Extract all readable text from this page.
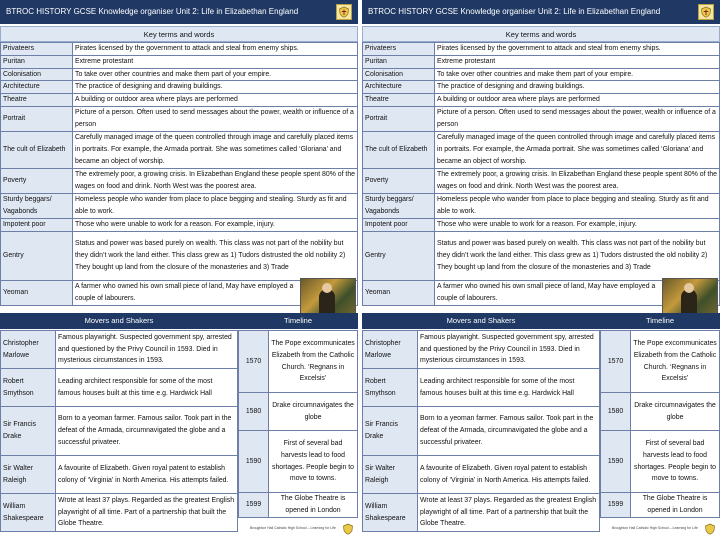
BTROC HISTORY GCSE Knowledge organiser Unit 2: Life in Elizabethan England
Key terms and words
Privateers	Pirates licensed by the government to attack and steal from enemy ships.
Puritan	Extreme protestant
Colonisation	To take over other countries and make them part of your empire.
Architecture	The practice of designing and drawing buildings.
Theatre	A building or outdoor area where plays are performed
Portrait	Picture of a person. Often used to send messages about the power, wealth or influence of a person
The cult of Elizabeth	Carefully managed image of the queen controlled through image and carefully placed items in portraits. For example, the Armada portrait. She was sometimes called ‘Gloriana’ and became an object of worship.
Poverty	The extremely poor, a growing crisis. In Elizabethan England these people spent 80% of the wages on food and drink. North West was the poorest area.
Sturdy beggars/ Vagabonds	Homeless people who wander from place to place begging and stealing. Sturdy as fit and able to work.
Impotent poor	Those who were unable to work for a reason. For example, injury.
Gentry	Status and power was based purely on wealth. This class was not part of the nobility but they didn’t work the land either. This class grew as 1) Tudors distrusted the old nobility 2) They bought up land from the closure of the monasteries and 3) Trade
Yeoman	A farmer who owned his own small piece of land, May have employed a couple of labourers.
Movers and Shakers	Timeline
Christopher Marlowe	Famous playwright. Suspected government spy, arrested and questioned by the Privy Council in 1593. Died in mysterious circumstances in 1593.
Robert Smythson	Leading architect responsible for some of the most famous houses built at this time e.g. Hardwick Hall
Sir Francis Drake	Born to a yeoman farmer. Famous sailor. Took part in the defeat of the Armada, circumnavigated the globe and a successful privateer.
Sir Walter Raleigh	A favourite of Elizabeth. Given royal patent to establish colony of ‘Virginia’ in North America. His attempts failed.
William Shakespeare	Wrote at least 37 plays. Regarded as the greatest English playwright of all time. Part of a partnership that built the Globe Theatre.
1570	The Pope excommunicates Elizabeth from the Catholic Church. ‘Regnans in Excelsis’
1580	Drake circumnavigates the globe
1590	First of several bad harvests lead to food shortages. People begin to move to towns.
1599	The Globe Theatre is opened in London
Broughton Hall Catholic High School – Learning for Life
BTROC HISTORY GCSE Knowledge organiser Unit 2: Life in Elizabethan England
Key terms and words
Privateers	Pirates licensed by the government to attack and steal from enemy ships.
Puritan	Extreme protestant
Colonisation	To take over other countries and make them part of your empire.
Architecture	The practice of designing and drawing buildings.
Theatre	A building or outdoor area where plays are performed
Portrait	Picture of a person. Often used to send messages about the power, wealth or influence of a person
The cult of Elizabeth	Carefully managed image of the queen controlled through image and carefully placed items in portraits. For example, the Armada portrait. She was sometimes called ‘Gloriana’ and became an object of worship.
Poverty	The extremely poor, a growing crisis. In Elizabethan England these people spent 80% of the wages on food and drink. North West was the poorest area.
Sturdy beggars/ Vagabonds	Homeless people who wander from place to place begging and stealing. Sturdy as fit and able to work.
Impotent poor	Those who were unable to work for a reason. For example, injury.
Gentry	Status and power was based purely on wealth. This class was not part of the nobility but they didn’t work the land either. This class grew as 1) Tudors distrusted the old nobility 2) They bought up land from the closure of the monasteries and 3) Trade
Yeoman	A farmer who owned his own small piece of land, May have employed a couple of labourers.
Movers and Shakers	Timeline
Christopher Marlowe	Famous playwright. Suspected government spy, arrested and questioned by the Privy Council in 1593. Died in mysterious circumstances in 1593.
Robert Smythson	Leading architect responsible for some of the most famous houses built at this time e.g. Hardwick Hall
Sir Francis Drake	Born to a yeoman farmer. Famous sailor. Took part in the defeat of the Armada, circumnavigated the globe and a successful privateer.
Sir Walter Raleigh	A favourite of Elizabeth. Given royal patent to establish colony of ‘Virginia’ in North America. His attempts failed.
William Shakespeare	Wrote at least 37 plays. Regarded as the greatest English playwright of all time. Part of a partnership that built the Globe Theatre.
1570	The Pope excommunicates Elizabeth from the Catholic Church. ‘Regnans in Excelsis’
1580	Drake circumnavigates the globe
1590	First of several bad harvests lead to food shortages. People begin to move to towns.
1599	The Globe Theatre is opened in London
Broughton Hall Catholic High School – Learning for Life
